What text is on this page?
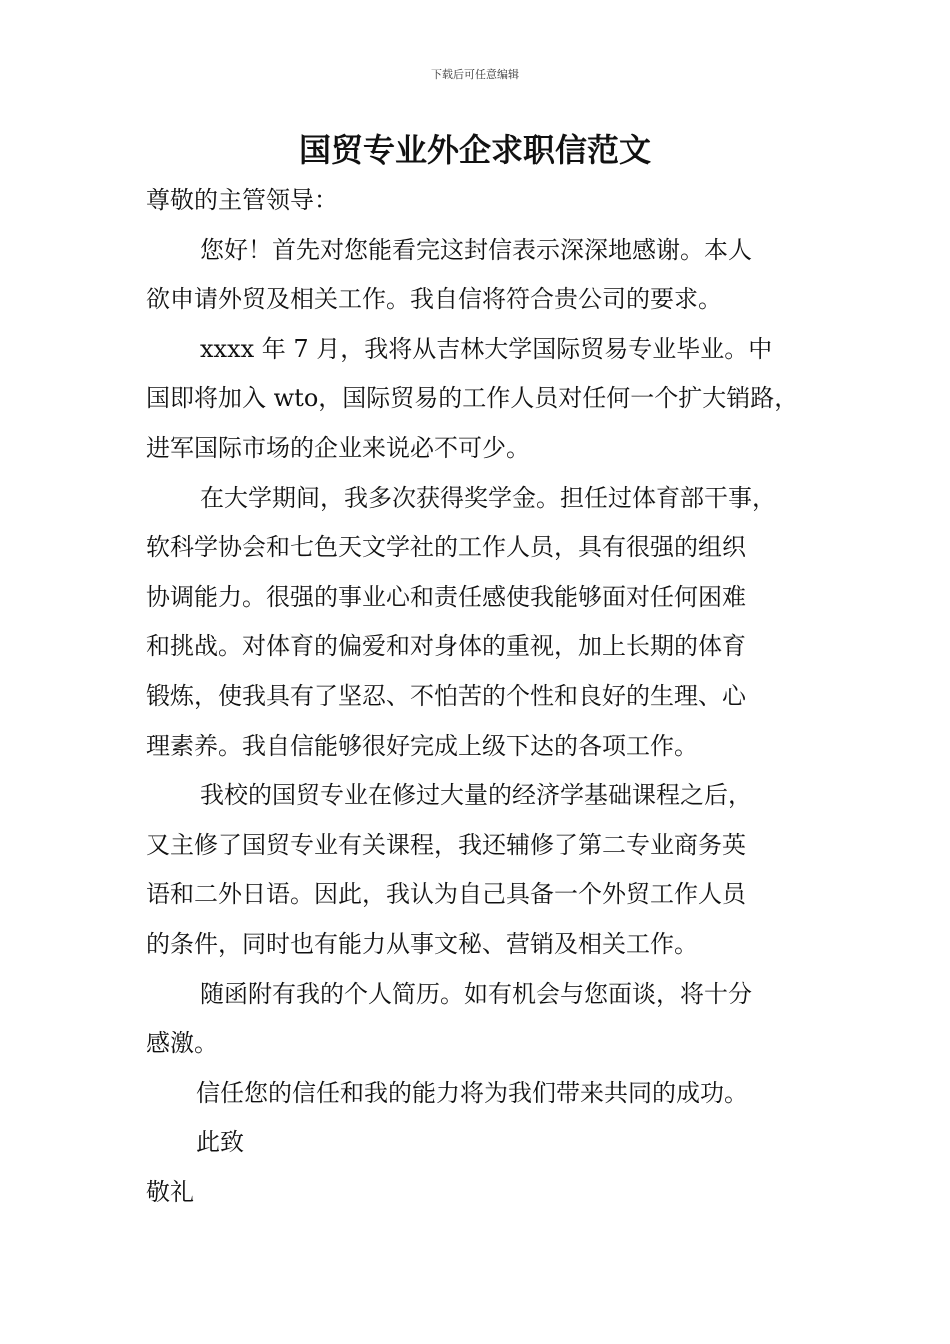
下载后可任意编辑
国贸专业外企求职信范文
尊敬的主管领导：
您好！首先对您能看完这封信表示深深地感谢。本人
欲申请外贸及相关工作。我自信将符合贵公司的要求。
xxxx 年 7 月，我将从吉林大学国际贸易专业毕业。中
国即将加入 wto，国际贸易的工作人员对任何一个扩大销路，
进军国际市场的企业来说必不可少。
在大学期间，我多次获得奖学金。担任过体育部干事，
软科学协会和七色天文学社的工作人员，具有很强的组织
协调能力。很强的事业心和责任感使我能够面对任何困难
和挑战。对体育的偏爱和对身体的重视，加上长期的体育
锻炼，使我具有了坚忍、不怕苦的个性和良好的生理、心
理素养。我自信能够很好完成上级下达的各项工作。
我校的国贸专业在修过大量的经济学基础课程之后，
又主修了国贸专业有关课程，我还辅修了第二专业商务英
语和二外日语。因此，我认为自己具备一个外贸工作人员
的条件，同时也有能力从事文秘、营销及相关工作。
随函附有我的个人简历。如有机会与您面谈，将十分
感激。
信任您的信任和我的能力将为我们带来共同的成功。
此致
敬礼
